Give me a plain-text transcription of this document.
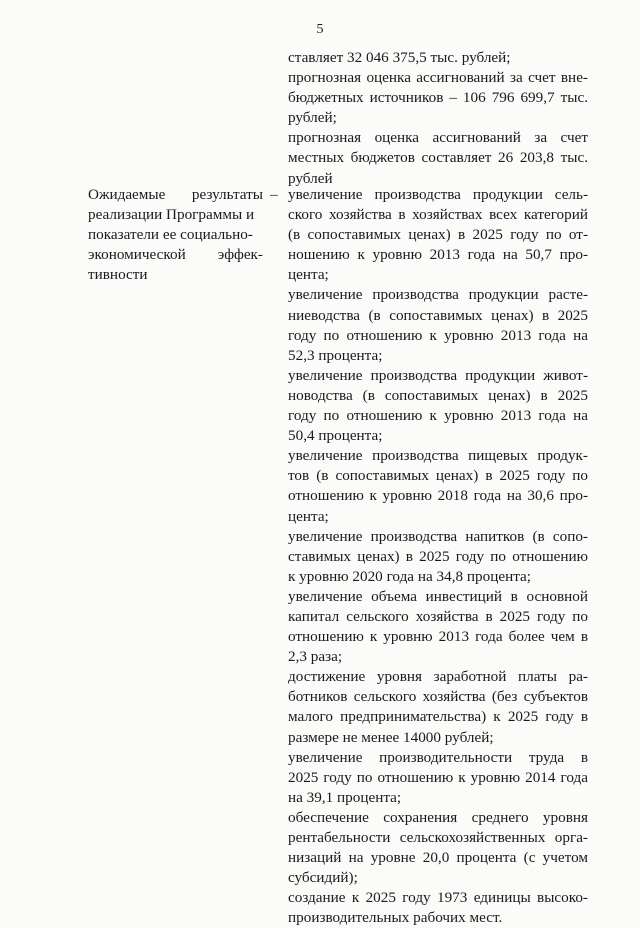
5
ставляет 32 046 375,5 тыс. рублей;
прогнозная оценка ассигнований за счет вне-
бюджетных источников – 106 796 699,7 тыс.
рублей;
прогнозная оценка ассигнований за счет
местных бюджетов составляет 26 203,8 тыс.
рублей
Ожидаемые результаты
реализации Программы и
показатели ее социально-
экономической эффек-
тивности
– увеличение производства продукции сель-
ского хозяйства в хозяйствах всех категорий
(в сопоставимых ценах) в 2025 году по от-
ношению к уровню 2013 года на 50,7 про-
цента;
увеличение производства продукции расте-
ниеводства (в сопоставимых ценах) в 2025
году по отношению к уровню 2013 года на
52,3 процента;
увеличение производства продукции живот-
новодства (в сопоставимых ценах) в 2025
году по отношению к уровню 2013 года на
50,4 процента;
увеличение производства пищевых продук-
тов (в сопоставимых ценах) в 2025 году по
отношению к уровню 2018 года на 30,6 про-
цента;
увеличение производства напитков (в сопо-
ставимых ценах) в 2025 году по отношению
к уровню 2020 года на 34,8 процента;
увеличение объема инвестиций в основной
капитал сельского хозяйства в 2025 году по
отношению к уровню 2013 года более чем в
2,3 раза;
достижение уровня заработной платы ра-
ботников сельского хозяйства (без субъектов
малого предпринимательства) к 2025 году в
размере не менее 14000 рублей;
увеличение производительности труда в
2025 году по отношению к уровню 2014 года
на 39,1 процента;
обеспечение сохранения среднего уровня
рентабельности сельскохозяйственных орга-
низаций на уровне 20,0 процента (с учетом
субсидий);
создание к 2025 году 1973 единицы высоко-
производительных рабочих мест.
